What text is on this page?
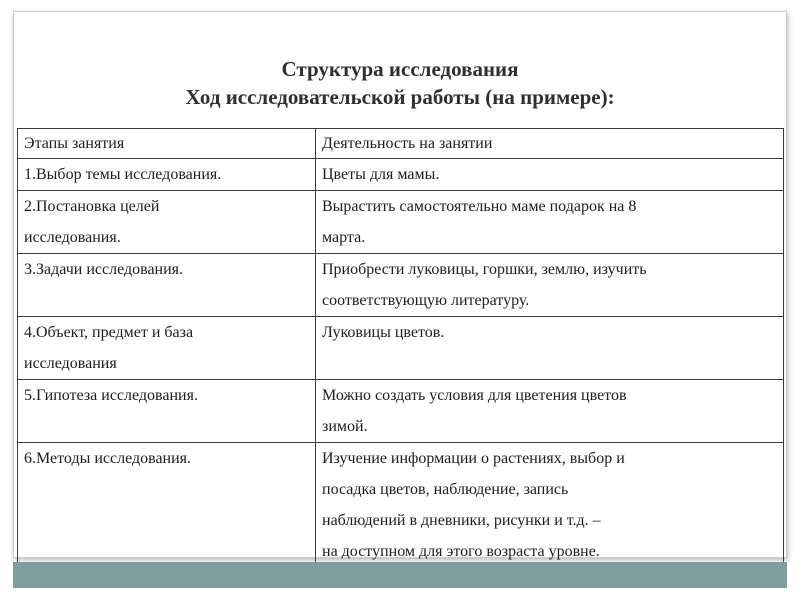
Структура исследования
Ход исследовательской работы (на примере):
Этапы занятия	Деятельность на занятии

1.Выбор темы исследования.	Цветы для мамы.

2.Постановка целей
исследования.	Вырастить самостоятельно маме подарок на 8
марта.

3.Задачи исследования.	Приобрести луковицы, горшки, землю, изучить
соответствующую литературу.

4.Объект, предмет и база
исследования	Луковицы цветов.

5.Гипотеза исследования.	Можно создать условия для цветения цветов
зимой.

6.Методы исследования.	Изучение информации о растениях, выбор и
посадка цветов, наблюдение, запись
наблюдений в дневники, рисунки и т.д. –
на доступном для этого возраста уровне.
